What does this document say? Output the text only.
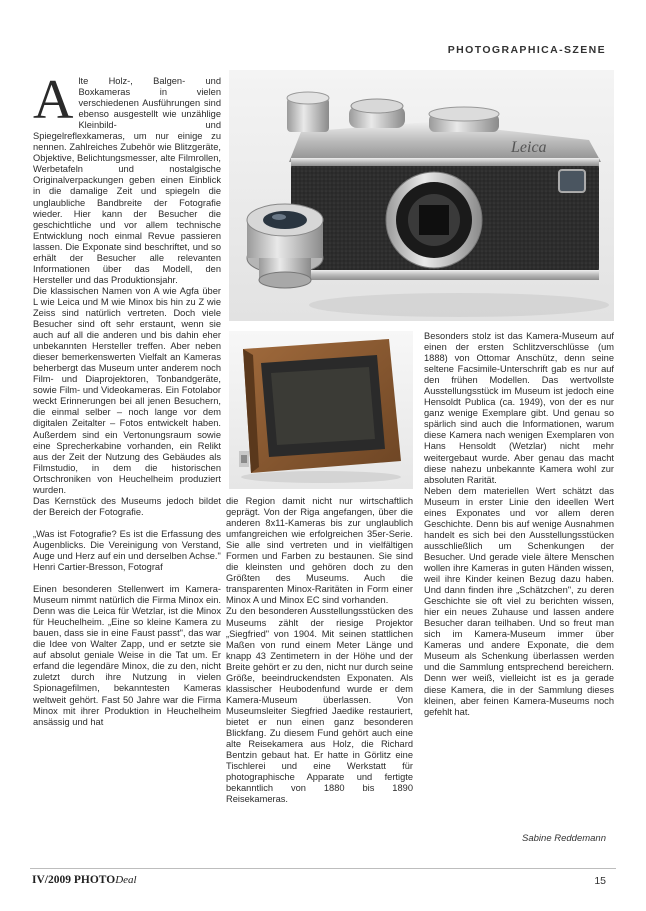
PHOTOGRAPHICA-SZENE
Leica

Alte Holz-, Balgen- und Boxkameras in vielen verschiedenen Ausführungen sind ebenso ausgestellt wie unzählige Kleinbild- und Spiegelreflexkameras, um nur einige zu nennen. Zahlreiches Zubehör wie Blitzgeräte, Objektive, Belichtungsmesser, alte Filmrollen, Werbetafeln und nostalgische Originalverpackungen geben einen Einblick in die damalige Zeit und spiegeln die unglaubliche Bandbreite der Fotografie wieder. Hier kann der Besucher die geschichtliche und vor allem technische Entwicklung noch einmal Revue passieren lassen. Die Exponate sind beschriftet, und so erhält der Besucher alle relevanten Informationen über das Modell, den Hersteller und das Produktionsjahr.

Die klassischen Namen von A wie Agfa über L wie Leica und M wie Minox bis hin zu Z wie Zeiss sind natürlich vertreten. Doch viele Besucher sind oft sehr erstaunt, wenn sie auch auf all die anderen und bis dahin eher unbekannten Hersteller treffen. Aber neben dieser bemerkenswerten Vielfalt an Kameras beherbergt das Museum unter anderem noch Film- und Diaprojektoren, Tonbandgeräte, sowie Film- und Videokameras. Ein Fotolabor weckt Erinnerungen bei all jenen Besuchern, die einmal selber – noch lange vor dem digitalen Zeitalter – Fotos entwickelt haben. Außerdem sind ein Vertonungsraum sowie eine Sprecherkabine vorhanden, ein Relikt aus der Zeit der Nutzung des Gebäudes als Filmstudio, in dem die historischen Ortschroniken von Heuchelheim produziert wurden.

Das Kernstück des Museums jedoch bildet der Bereich der Fotografie.

„Was ist Fotografie? Es ist die Erfassung des Augenblicks. Die Vereinigung von Verstand, Auge und Herz auf ein und derselben Achse."

Henri Cartier-Bresson, Fotograf

Einen besonderen Stellenwert im Kamera-Museum nimmt natürlich die Firma Minox ein. Denn was die Leica für Wetzlar, ist die Minox für Heuchelheim. „Eine so kleine Kamera zu bauen, dass sie in eine Faust passt", das war die Idee von Walter Zapp, und er setzte sie auf absolut geniale Weise in die Tat um. Er erfand die legendäre Minox, die zu den, nicht zuletzt durch ihre Nutzung in vielen Spionagefilmen, bekanntesten Kameras weltweit gehört. Fast 50 Jahre war die Firma Minox mit ihrer Produktion in Heuchelheim ansässig und hat

die Region damit nicht nur wirtschaftlich geprägt. Von der Riga angefangen, über die anderen 8x11-Kameras bis zur unglaublich umfangreichen wie erfolgreichen 35er-Serie. Sie alle sind vertreten und in vielfältigen Formen und Farben zu bestaunen. Sie sind die kleinsten und gehören doch zu den Größten des Museums. Auch die transparenten Minox-Raritäten in Form einer Minox A und Minox EC sind vorhanden.

Zu den besonderen Ausstellungsstücken des Museums zählt der riesige Projektor „Siegfried" von 1904. Mit seinen stattlichen Maßen von rund einem Meter Länge und knapp 43 Zentimetern in der Höhe und der Breite gehört er zu den, nicht nur durch seine Größe, beeindruckendsten Exponaten. Als klassischer Heubodenfund wurde er dem Kamera-Museum überlassen. Von Museumsleiter Siegfried Jaedike restauriert, bietet er nun einen ganz besonderen Blickfang. Zu diesem Fund gehört auch eine alte Reisekamera aus Holz, die Richard Bentzin gebaut hat. Er hatte in Görlitz eine Tischlerei und eine Werkstatt für photographische Apparate und fertigte bekanntlich von 1880 bis 1890 Reisekameras.

Besonders stolz ist das Kamera-Museum auf einen der ersten Schlitzverschlüsse (um 1888) von Ottomar Anschütz, denn seine seltene Facsimile-Unterschrift gab es nur auf den frühen Modellen. Das wertvollste Ausstellungsstück im Museum ist jedoch eine Hensoldt Publica (ca. 1949), von der es nur ganz wenige Exemplare gibt. Und genau so spärlich sind auch die Informationen, warum diese Kamera nach wenigen Exemplaren von Hans Hensoldt (Wetzlar) nicht mehr weitergebaut wurde. Aber genau das macht diese nahezu unbekannte Kamera wohl zur absoluten Rarität.

Neben dem materiellen Wert schätzt das Museum in erster Linie den ideellen Wert eines Exponates und vor allem deren Geschichte. Denn bis auf wenige Ausnahmen handelt es sich bei den Ausstellungsstücken ausschließlich um Schenkungen der Besucher. Und gerade viele ältere Menschen wollen ihre Kameras in guten Händen wissen, weil ihre Kinder keinen Bezug dazu haben. Und dann finden ihre „Schätzchen", zu deren Geschichte sie oft viel zu berichten wissen, hier ein neues Zuhause und lassen andere Besucher daran teilhaben. Und so freut man sich im Kamera-Museum immer über Kameras und andere Exponate, die dem Museum als Schenkung überlassen werden und die Sammlung entsprechend bereichern. Denn wer weiß, vielleicht ist es ja gerade diese Kamera, die in der Sammlung dieses kleinen, aber feinen Kamera-Museums noch gefehlt hat.

Sabine Reddemann
IV/2009 PHOTODeal	15
